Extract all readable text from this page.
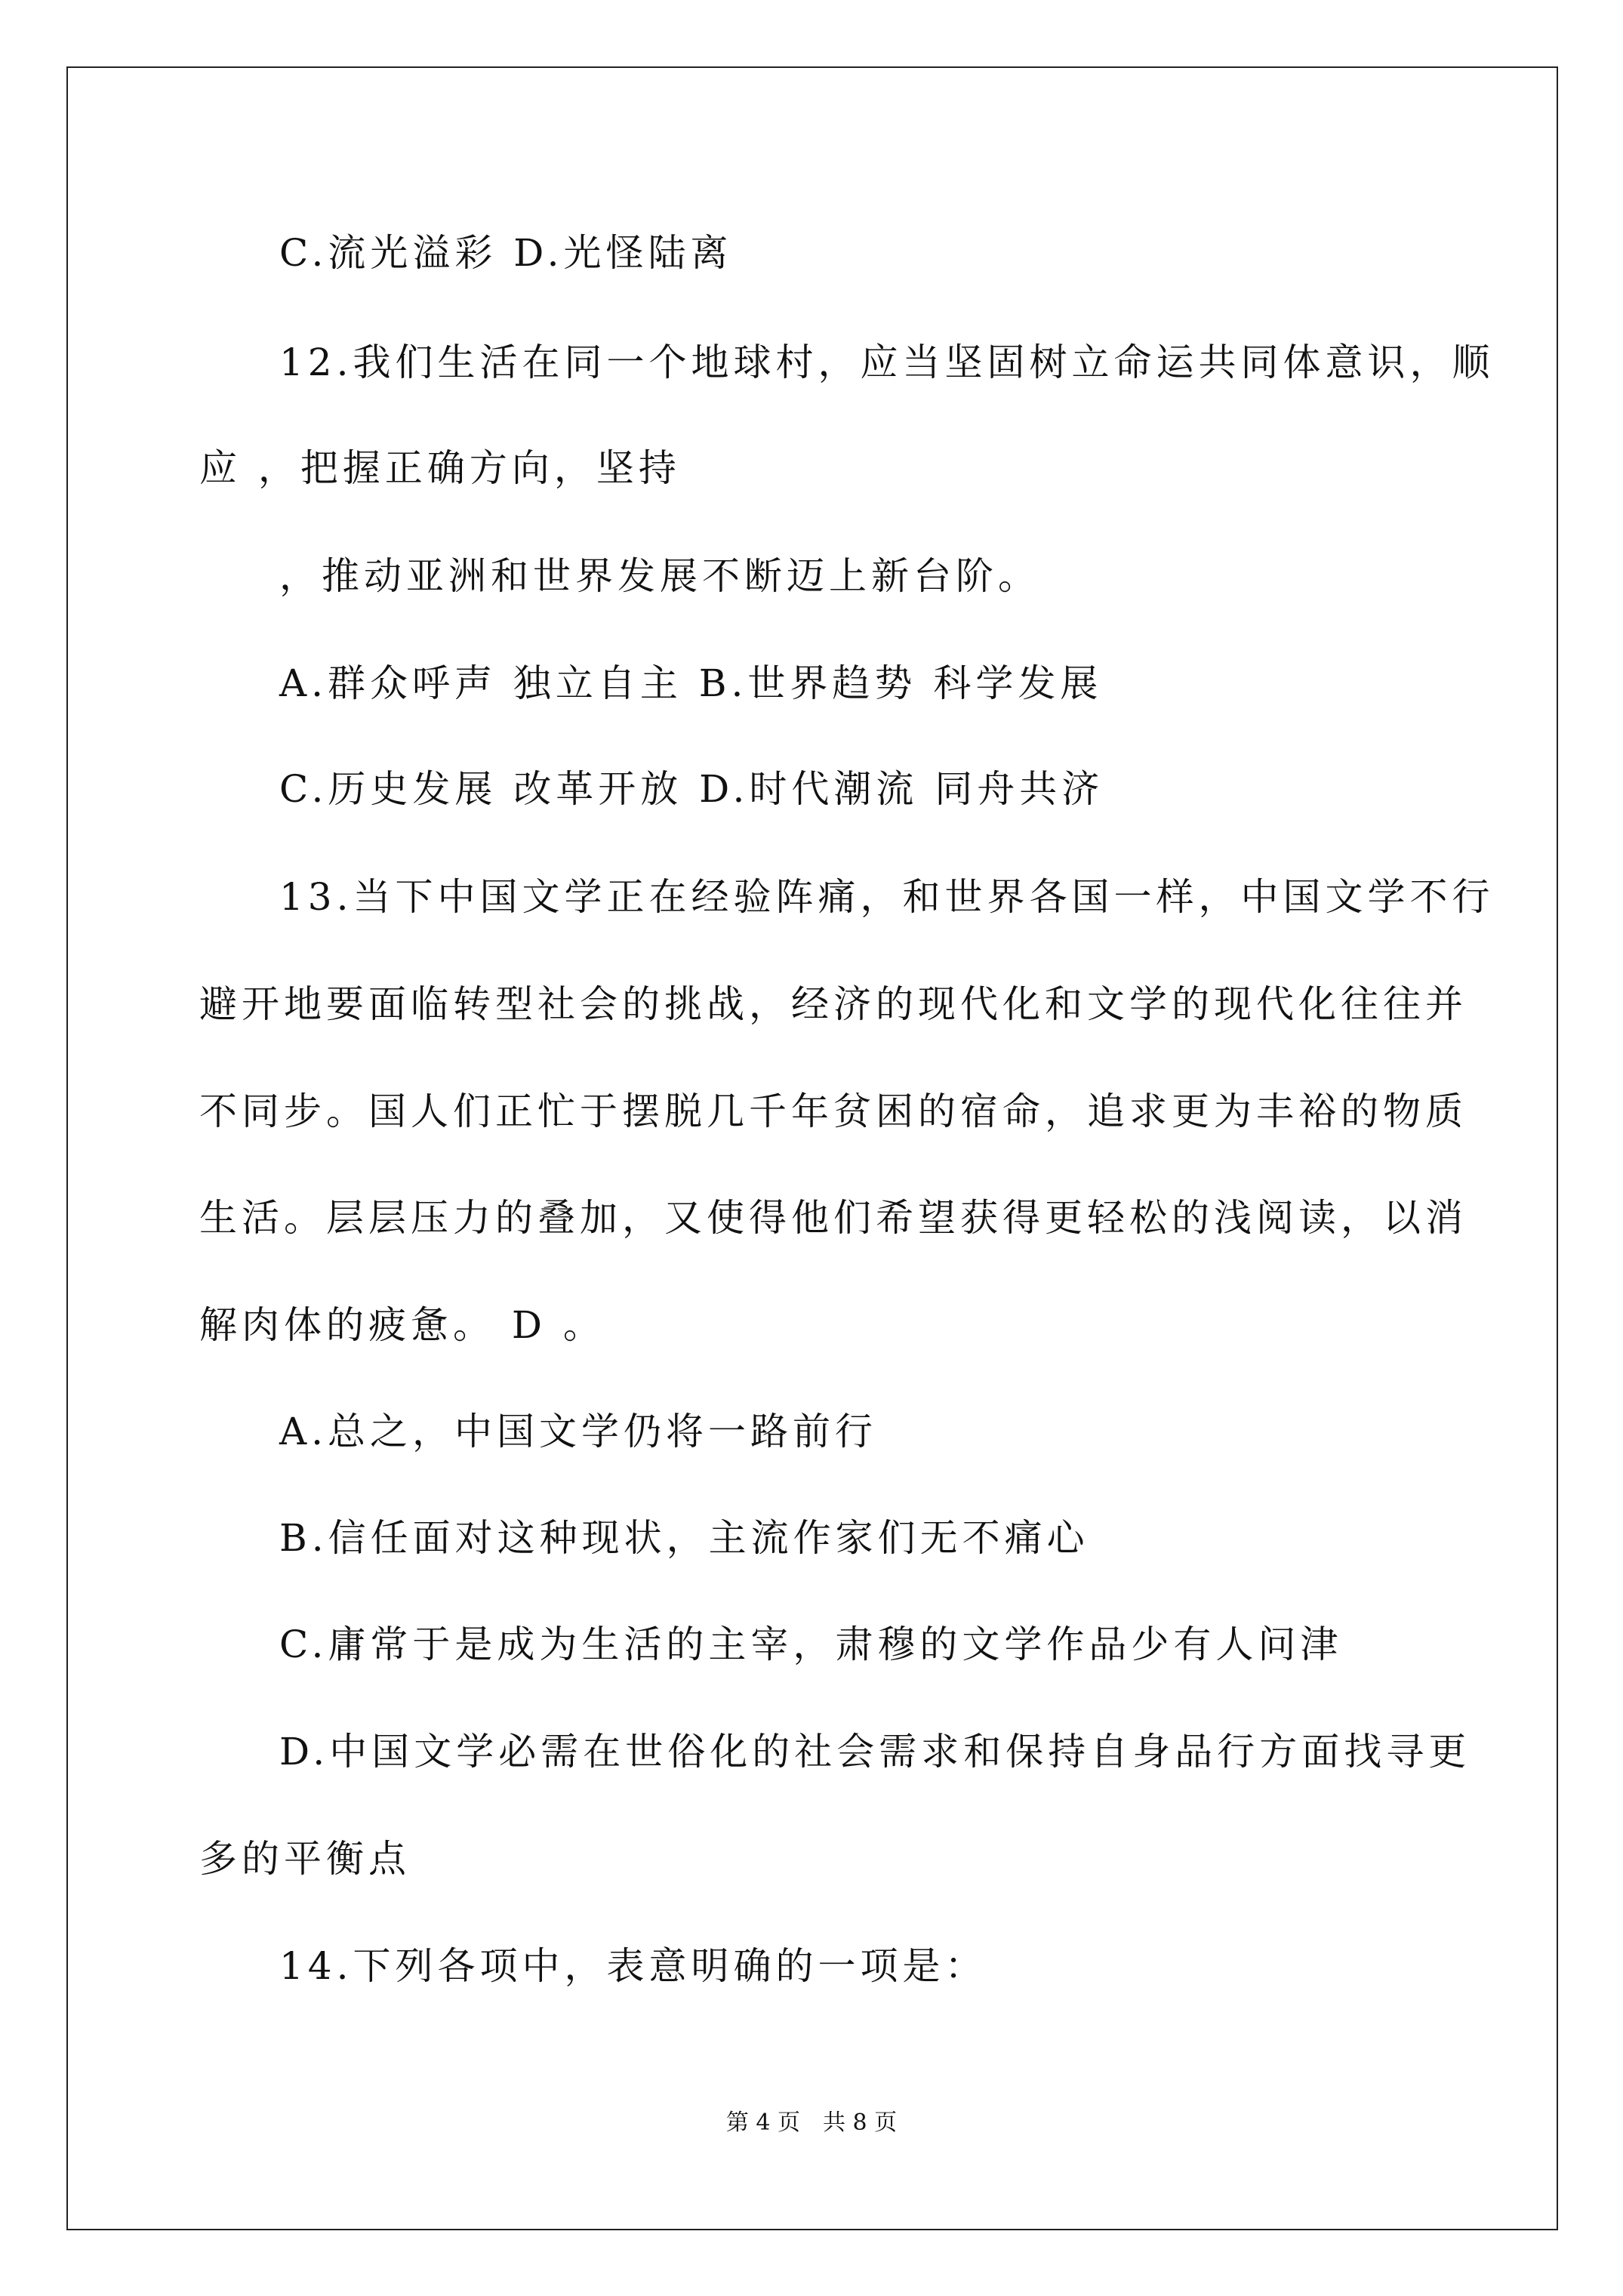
C.流光溢彩 D.光怪陆离
12.我们生活在同一个地球村，应当坚固树立命运共同体意识，顺
应 ，把握正确方向，坚持
，推动亚洲和世界发展不断迈上新台阶。
A.群众呼声 独立自主 B.世界趋势 科学发展
C.历史发展 改革开放 D.时代潮流 同舟共济
13.当下中国文学正在经验阵痛，和世界各国一样，中国文学不行
避开地要面临转型社会的挑战，经济的现代化和文学的现代化往往并
不同步。国人们正忙于摆脱几千年贫困的宿命，追求更为丰裕的物质
生活。层层压力的叠加，又使得他们希望获得更轻松的浅阅读，以消
解肉体的疲惫。 D 。
A.总之，中国文学仍将一路前行
B.信任面对这种现状，主流作家们无不痛心
C.庸常于是成为生活的主宰，肃穆的文学作品少有人问津
D.中国文学必需在世俗化的社会需求和保持自身品行方面找寻更
多的平衡点
14.下列各项中，表意明确的一项是：
第 4 页　共 8 页
